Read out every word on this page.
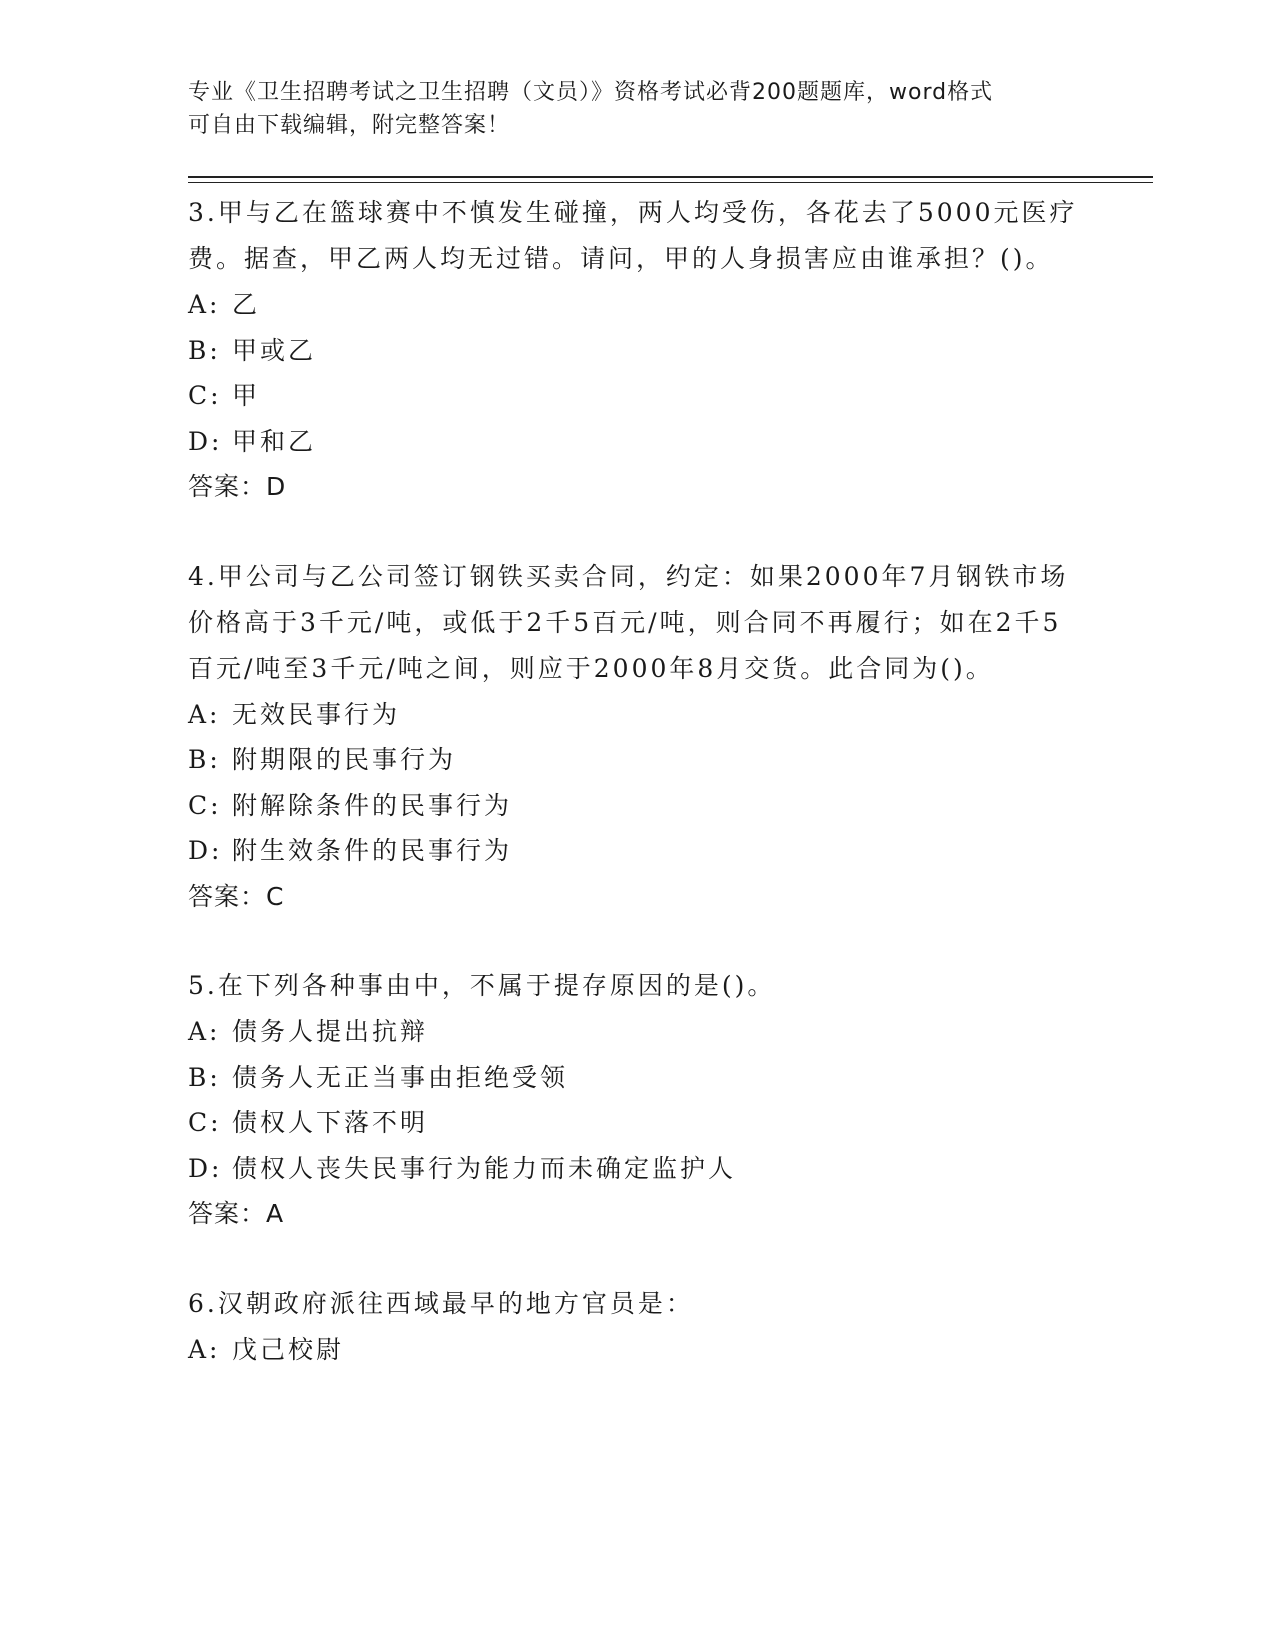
专业《卫生招聘考试之卫生招聘（文员）》资格考试必背200题题库，word格式
可自由下载编辑，附完整答案！

3.甲与乙在篮球赛中不慎发生碰撞，两人均受伤，各花去了5000元医疗费。据查，甲乙两人均无过错。请问，甲的人身损害应由谁承担？()。

A: 乙

B: 甲或乙

C: 甲

D: 甲和乙

答案：D

4.甲公司与乙公司签订钢铁买卖合同，约定：如果2000年7月钢铁市场价格高于3千元/吨，或低于2千5百元/吨，则合同不再履行；如在2千5百元/吨至3千元/吨之间，则应于2000年8月交货。此合同为()。

A: 无效民事行为

B: 附期限的民事行为

C: 附解除条件的民事行为

D: 附生效条件的民事行为

答案：C

5.在下列各种事由中，不属于提存原因的是()。

A: 债务人提出抗辩

B: 债务人无正当事由拒绝受领

C: 债权人下落不明

D: 债权人丧失民事行为能力而未确定监护人

答案：A

6.汉朝政府派往西域最早的地方官员是：

A: 戊己校尉
